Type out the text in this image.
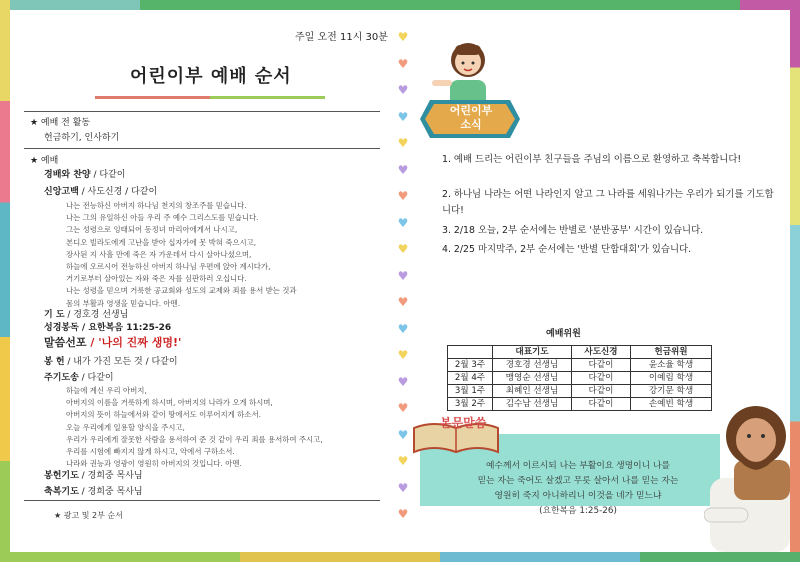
주일 오전 11시 30분
어린이부 예배 순서
★ 예배 전 활동
헌금하기, 인사하기
★ 예배
경배와 찬양 / 다같이
신앙고백 / 사도신경 / 다같이
나는 전능하신 아버지 하나님 천지의 창조주를 믿습니다.
나는 그의 유일하신 아들 우리 주 예수 그리스도를 믿습니다.
그는 성령으로 잉태되어 동정녀 마리아에게서 나시고,
본디오 빌라도에게 고난을 받아 십자가에 못 박혀 죽으시고,
장사된 지 사흘 만에 죽은 자 가운데서 다시 살아나셨으며,
하늘에 오르시어 전능하신 아버지 하나님 우편에 앉아 계시다가,
거기로부터 살아있는 자와 죽은 자를 심판하러 오십니다.
나는 성령을 믿으며 거룩한 공교회와 성도의 교제와 죄를 용서 받는 것과
몸의 부활과 영생을 믿습니다. 아멘.
기 도 / 경호경 선생님
성경봉독 / 요한복음 11:25-26
말씀선포 / '나의 진짜 생명!'
봉 헌 / 내가 가진 모든 것 / 다같이
주기도송 / 다같이
하늘에 계신 우리 아버지,
아버지의 이름을 거룩하게 하시며, 아버지의 나라가 오게 하시며,
아버지의 뜻이 하늘에서와 같이 땅에서도 이루어지게 하소서.
오늘 우리에게 일용할 양식을 주시고,
우리가 우리에게 잘못한 사람을 용서하여 준 것 같이 우리 죄를 용서하여 주시고,
우리를 시험에 빠지지 않게 하시고, 악에서 구하소서.
나라와 권능과 영광이 영원히 아버지의 것입니다. 아멘.
봉헌기도 / 경희중 목사님
축복기도 / 경희중 목사님
★ 광고 및 2부 순서
♥
♥
♥
♥
♥
♥
♥
♥
♥
♥
♥
♥
♥
♥
♥
♥
♥
♥
♥
어린이부
소식
1. 예배 드리는 어린이부 친구들을 주님의 이름으로 환영하고 축복합니다!
2. 하나님 나라는 어떤 나라인지 알고 그 나라를 세워나가는 우리가 되기를 기도합니다!
3. 2/18 오늘, 2부 순서에는 반별로 '분반공부' 시간이 있습니다.
4. 2/25 마지막주, 2부 순서에는 '반별 단합대회'가 있습니다.
예배위원
	대표기도	사도신경	헌금위원
2월 3주	경호경 선생님	다같이	윤소율 학생
2월 4주	맹영순 선생님	다같이	이예림 학생
3월 1주	최혜인 선생님	다같이	강기문 학생
3월 2주	김수남 선생님	다같이	손예빈 학생
본문말씀
예수께서 이르시되 나는 부활이요 생명이니 나를
믿는 자는 죽어도 살겠고 무릇 살아서 나를 믿는 자는
영원히 죽지 아니하리니 이것을 네가 믿느냐
(요한복음 1:25-26)
